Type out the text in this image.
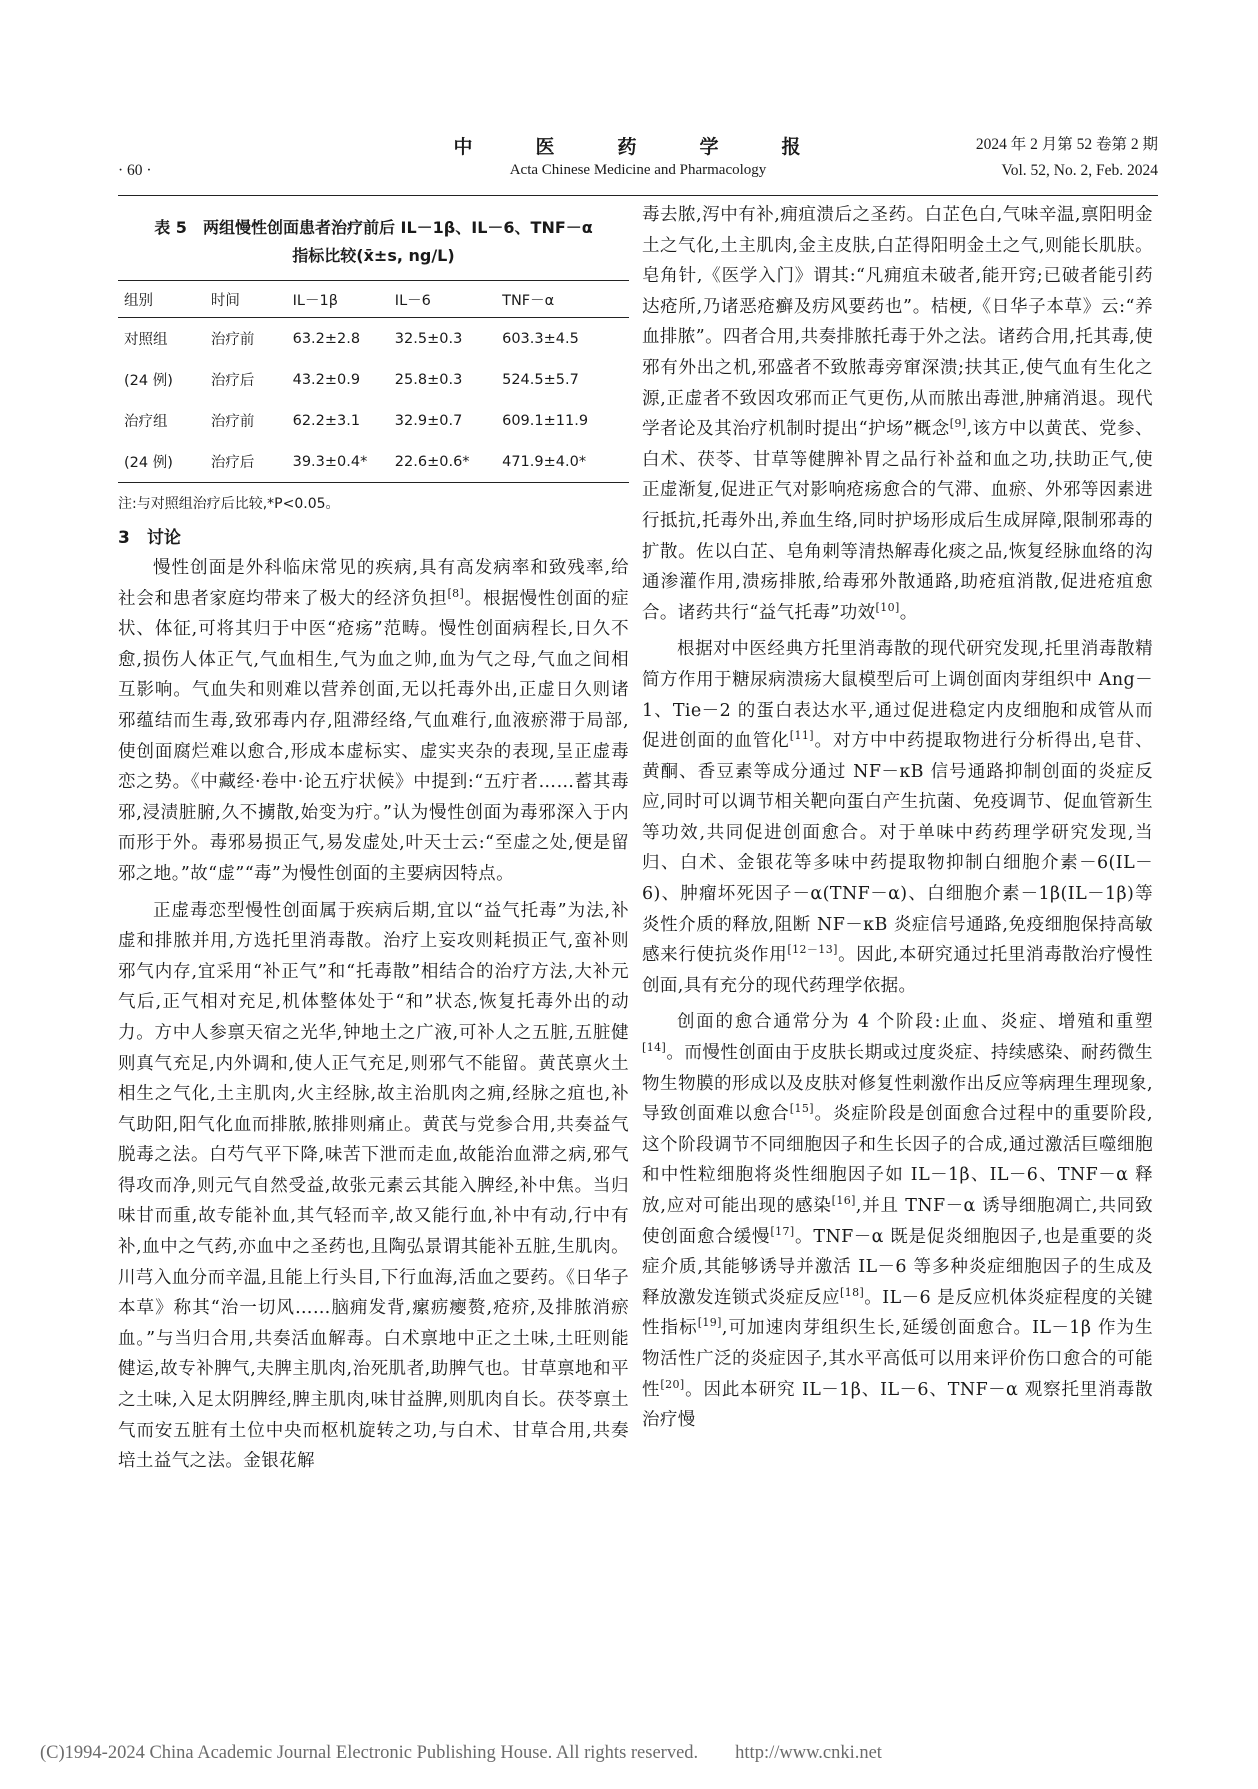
中　医　药　学　报	2024 年 2 月第 52 卷第 2 期
· 60 ·	Acta Chinese Medicine and Pharmacology	Vol. 52, No. 2, Feb. 2024
表 5　两组慢性创面患者治疗前后 IL－1β、IL－6、TNF－α
指标比较(x̄±s, ng/L)
组别	时间	IL－1β	IL－6	TNF－α
对照组	治疗前	63.2±2.8	32.5±0.3	603.3±4.5
(24 例)	治疗后	43.2±0.9	25.8±0.3	524.5±5.7
治疗组	治疗前	62.2±3.1	32.9±0.7	609.1±11.9
(24 例)	治疗后	39.3±0.4*	22.6±0.6*	471.9±4.0*
注:与对照组治疗后比较,*P<0.05。
3　讨论

慢性创面是外科临床常见的疾病,具有高发病率和致残率,给社会和患者家庭均带来了极大的经济负担[8]。根据慢性创面的症状、体征,可将其归于中医“疮疡”范畴。慢性创面病程长,日久不愈,损伤人体正气,气血相生,气为血之帅,血为气之母,气血之间相互影响。气血失和则难以营养创面,无以托毒外出,正虚日久则诸邪蕴结而生毒,致邪毒内存,阻滞经络,气血难行,血液瘀滞于局部,使创面腐烂难以愈合,形成本虚标实、虚实夹杂的表现,呈正虚毒恋之势。《中藏经·卷中·论五疔状候》中提到:“五疔者……蓄其毒邪,浸渍脏腑,久不擄散,始变为疔。”认为慢性创面为毒邪深入于内而形于外。毒邪易损正气,易发虚处,叶天士云:“至虚之处,便是留邪之地。”故“虚”“毒”为慢性创面的主要病因特点。

正虚毒恋型慢性创面属于疾病后期,宜以“益气托毒”为法,补虚和排脓并用,方选托里消毒散。治疗上妄攻则耗损正气,蛮补则邪气内存,宜采用“补正气”和“托毒散”相结合的治疗方法,大补元气后,正气相对充足,机体整体处于“和”状态,恢复托毒外出的动力。方中人参禀天宿之光华,钟地土之广液,可补人之五脏,五脏健则真气充足,内外调和,使人正气充足,则邪气不能留。黄芪禀火土相生之气化,土主肌肉,火主经脉,故主治肌肉之痈,经脉之疽也,补气助阳,阳气化血而排脓,脓排则痛止。黄芪与党参合用,共奏益气脱毒之法。白芍气平下降,味苦下泄而走血,故能治血滞之病,邪气得攻而净,则元气自然受益,故张元素云其能入脾经,补中焦。当归味甘而重,故专能补血,其气轻而辛,故又能行血,补中有动,行中有补,血中之气药,亦血中之圣药也,且陶弘景谓其能补五脏,生肌肉。川芎入血分而辛温,且能上行头目,下行血海,活血之要药。《日华子本草》称其“治一切风……脑痈发背,瘰疬瘿赘,疮疥,及排脓消瘀血。”与当归合用,共奏活血解毒。白术禀地中正之土味,土旺则能健运,故专补脾气,夫脾主肌肉,治死肌者,助脾气也。甘草禀地和平之土味,入足太阴脾经,脾主肌肉,味甘益脾,则肌肉自长。茯苓禀土气而安五脏有土位中央而枢机旋转之功,与白术、甘草合用,共奏培土益气之法。金银花解

毒去脓,泻中有补,痈疽溃后之圣药。白芷色白,气味辛温,禀阳明金土之气化,土主肌肉,金主皮肤,白芷得阳明金土之气,则能长肌肤。皂角针,《医学入门》谓其:“凡痈疽未破者,能开窍;已破者能引药达疮所,乃诸恶疮癣及疠风要药也”。桔梗,《日华子本草》云:“养血排脓”。四者合用,共奏排脓托毒于外之法。诸药合用,托其毒,使邪有外出之机,邪盛者不致脓毒旁窜深溃;扶其正,使气血有生化之源,正虚者不致因攻邪而正气更伤,从而脓出毒泄,肿痛消退。现代学者论及其治疗机制时提出“护场”概念[9],该方中以黄芪、党参、白术、茯苓、甘草等健脾补胃之品行补益和血之功,扶助正气,使正虚渐复,促进正气对影响疮疡愈合的气滞、血瘀、外邪等因素进行抵抗,托毒外出,养血生络,同时护场形成后生成屏障,限制邪毒的扩散。佐以白芷、皂角刺等清热解毒化痰之品,恢复经脉血络的沟通渗灌作用,溃疡排脓,给毒邪外散通路,助疮疽消散,促进疮疽愈合。诸药共行“益气托毒”功效[10]。

根据对中医经典方托里消毒散的现代研究发现,托里消毒散精简方作用于糖尿病溃疡大鼠模型后可上调创面肉芽组织中 Ang－1、Tie－2 的蛋白表达水平,通过促进稳定内皮细胞和成管从而促进创面的血管化[11]。对方中中药提取物进行分析得出,皂苷、黄酮、香豆素等成分通过 NF－κB 信号通路抑制创面的炎症反应,同时可以调节相关靶向蛋白产生抗菌、免疫调节、促血管新生等功效,共同促进创面愈合。对于单味中药药理学研究发现,当归、白术、金银花等多味中药提取物抑制白细胞介素－6(IL－6)、肿瘤坏死因子－α(TNF－α)、白细胞介素－1β(IL－1β)等炎性介质的释放,阻断 NF－κB 炎症信号通路,免疫细胞保持高敏感来行使抗炎作用[12－13]。因此,本研究通过托里消毒散治疗慢性创面,具有充分的现代药理学依据。

创面的愈合通常分为 4 个阶段:止血、炎症、增殖和重塑[14]。而慢性创面由于皮肤长期或过度炎症、持续感染、耐药微生物生物膜的形成以及皮肤对修复性刺激作出反应等病理生理现象,导致创面难以愈合[15]。炎症阶段是创面愈合过程中的重要阶段,这个阶段调节不同细胞因子和生长因子的合成,通过激活巨噬细胞和中性粒细胞将炎性细胞因子如 IL－1β、IL－6、TNF－α 释放,应对可能出现的感染[16],并且 TNF－α 诱导细胞凋亡,共同致使创面愈合缓慢[17]。TNF－α 既是促炎细胞因子,也是重要的炎症介质,其能够诱导并激活 IL－6 等多种炎症细胞因子的生成及释放激发连锁式炎症反应[18]。IL－6 是反应机体炎症程度的关键性指标[19],可加速肉芽组织生长,延缓创面愈合。IL－1β 作为生物活性广泛的炎症因子,其水平高低可以用来评价伤口愈合的可能性[20]。因此本研究 IL－1β、IL－6、TNF－α 观察托里消毒散治疗慢

(C)1994-2024 China Academic Journal Electronic Publishing House. All rights reserved.　　http://www.cnki.net
